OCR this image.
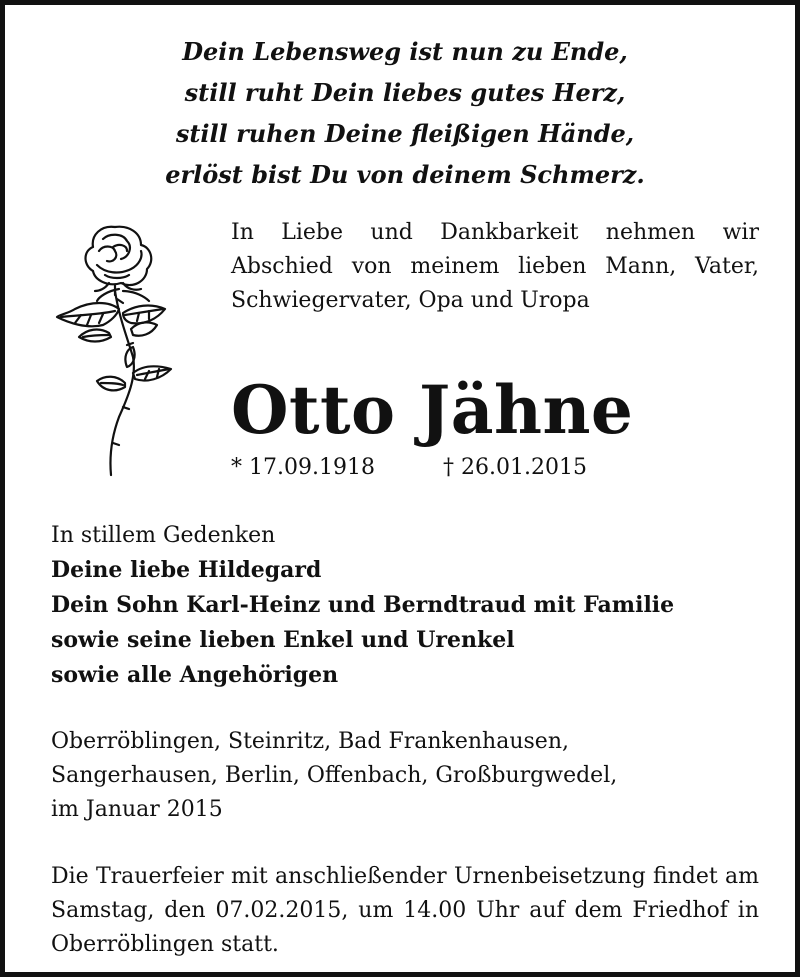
Dein Lebensweg ist nun zu Ende,
still ruht Dein liebes gutes Herz,
still ruhen Deine fleißigen Hände,
erlöst bist Du von deinem Schmerz.
In Liebe und Dankbarkeit nehmen wir Abschied von meinem lieben Mann, Vater, Schwiegervater, Opa und Uropa
Otto Jähne
* 17.09.1918	† 26.01.2015
In stillem Gedenken
Deine liebe Hildegard
Dein Sohn Karl-Heinz und Berndtraud mit Familie
sowie seine lieben Enkel und Urenkel
sowie alle Angehörigen
Oberröblingen, Steinritz, Bad Frankenhausen,
Sangerhausen, Berlin, Offenbach, Großburgwedel,
im Januar 2015
Die Trauerfeier mit anschließender Urnenbeisetzung findet am Samstag, den 07.02.2015, um 14.00 Uhr auf dem Friedhof in Oberröblingen statt.
